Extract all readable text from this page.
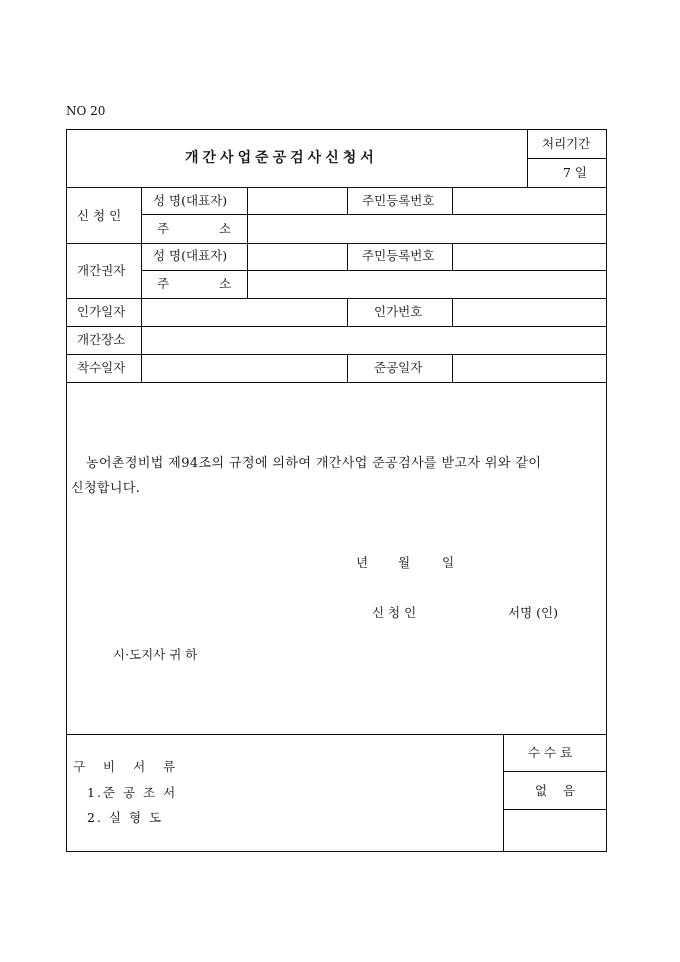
NO 20
개간사업준공검사신청서
처리기간
7 일
신 청 인
성 명(대표자)	주민등록번호
주	소
개간권자
성 명(대표자)	주민등록번호
주	소
인가일자	인가번호
개간장소
착수일자	준공일자
농어촌정비법 제94조의 규정에 의하여 개간사업 준공검사를 받고자 위와 같이
신청합니다.
년 월	일
신 청 인	서명 (인)
시·도지사 귀 하
구 비 서 류
1.준 공 조 서
2. 실 형 도
수 수 료
없    음
